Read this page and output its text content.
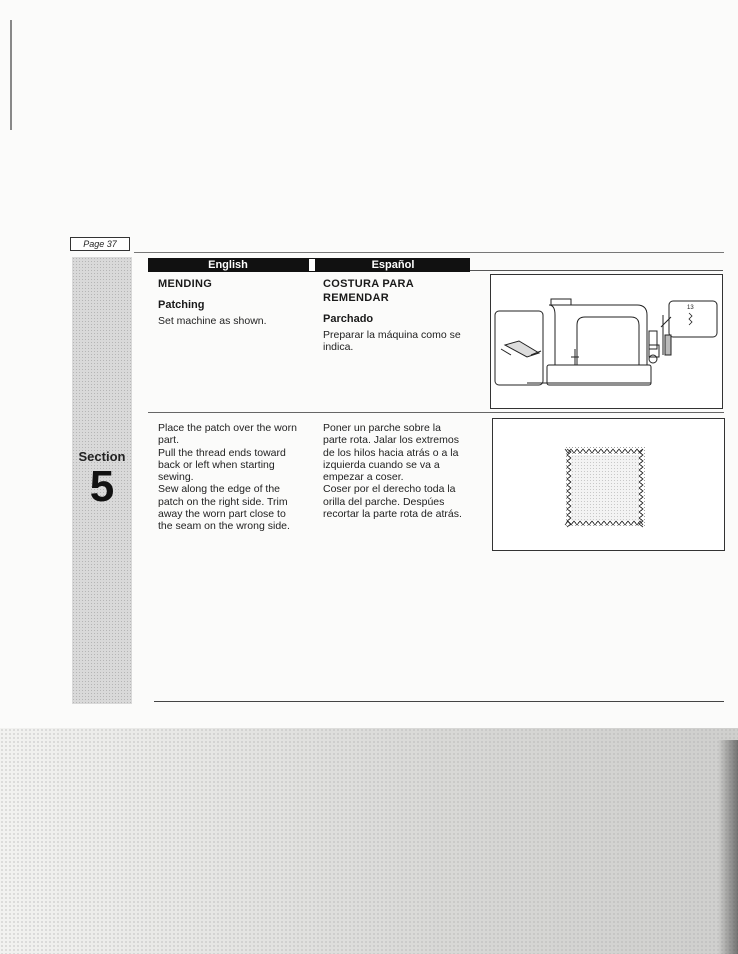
Page 37
Section
5
English	Español
MENDING
Patching
Set machine as shown.
COSTURA PARA
REMENDAR
Parchado
Preparar la máquina como se
indica.
13
Place the patch over the worn
part.
Pull the thread ends toward
back or left when starting
sewing.
Sew along the edge of the
patch on the right side. Trim
away the worn part close to
the seam on the wrong side.
Poner un parche sobre la
parte rota. Jalar los extremos
de los hilos hacia atrás o a la
izquierda cuando se va a
empezar a coser.
Coser por el derecho toda la
orilla del parche. Despúes
recortar la parte rota de atrás.
